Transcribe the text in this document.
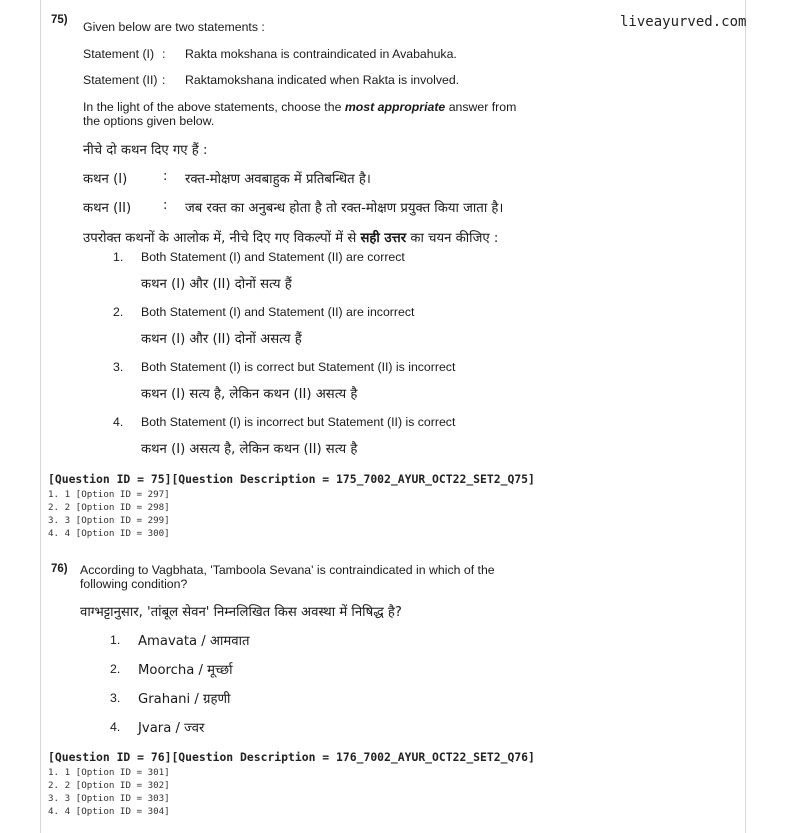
liveayurved.com
75) Given below are two statements :
Statement (I) : Rakta mokshana is contraindicated in Avabahuka.
Statement (II) : Raktamokshana indicated when Rakta is involved.
In the light of the above statements, choose the most appropriate answer from the options given below.
नीचे दो कथन दिए गए हैं :
कथन (I)	: रक्त-मोक्षण अवबाहुक में प्रतिबन्धित है।
कथन (II) : जब रक्त का अनुबन्ध होता है तो रक्त-मोक्षण प्रयुक्त किया जाता है।
उपरोक्त कथनों के आलोक में, नीचे दिए गए विकल्पों में से सही उत्तर का चयन कीजिए :
1. Both Statement (I) and Statement (II) are correct
कथन (I) और (II) दोनों सत्य हैं
2. Both Statement (I) and Statement (II) are incorrect
कथन (I) और (II) दोनों असत्य हैं
3. Both Statement (I) is correct but Statement (II) is incorrect
कथन (I) सत्य है, लेकिन कथन (II) असत्य है
4. Both Statement (I) is incorrect but Statement (II) is correct
कथन (I) असत्य है, लेकिन कथन (II) सत्य है
[Question ID = 75][Question Description = 175_7002_AYUR_OCT22_SET2_Q75]
1. 1 [Option ID = 297]
2. 2 [Option ID = 298]
3. 3 [Option ID = 299]
4. 4 [Option ID = 300]
76) According to Vagbhata, 'Tamboola Sevana' is contraindicated in which of the
following condition?
वाग्भट्टानुसार, 'तांबूल सेवन' निम्नलिखित किस अवस्था में निषिद्ध है?
1. Amavata / आमवात
2. Moorcha / मूर्च्छा
3. Grahani / ग्रहणी
4. Jvara / ज्वर
[Question ID = 76][Question Description = 176_7002_AYUR_OCT22_SET2_Q76]
1. 1 [Option ID = 301]
2. 2 [Option ID = 302]
3. 3 [Option ID = 303]
4. 4 [Option ID = 304]
